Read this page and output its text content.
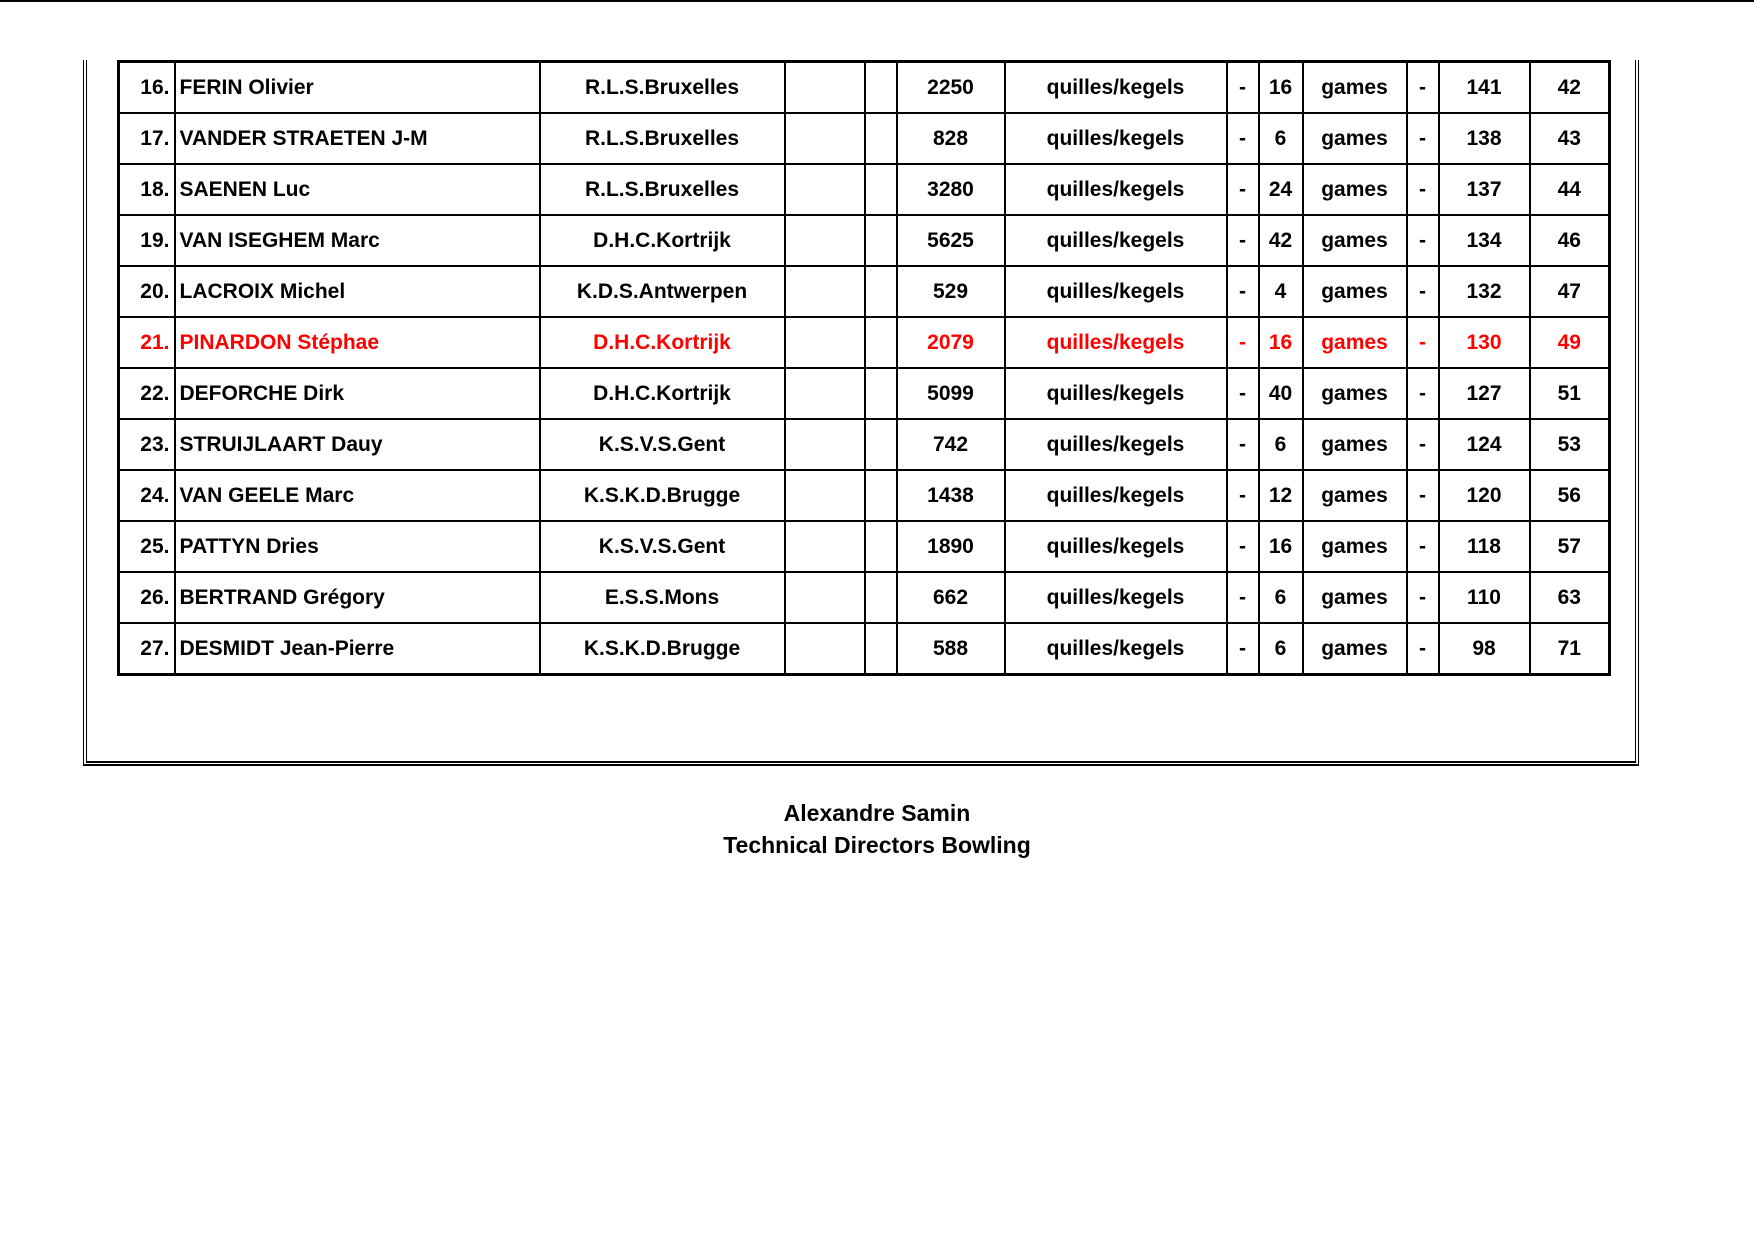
16.	FERIN Olivier	R.L.S.Bruxelles			2250	quilles/kegels	-	16	games	-	141	42
17.	VANDER STRAETEN J-M	R.L.S.Bruxelles			828	quilles/kegels	-	6	games	-	138	43
18.	SAENEN Luc	R.L.S.Bruxelles			3280	quilles/kegels	-	24	games	-	137	44
19.	VAN ISEGHEM Marc	D.H.C.Kortrijk			5625	quilles/kegels	-	42	games	-	134	46
20.	LACROIX Michel	K.D.S.Antwerpen			529	quilles/kegels	-	4	games	-	132	47
21.	PINARDON Stéphae	D.H.C.Kortrijk			2079	quilles/kegels	-	16	games	-	130	49
22.	DEFORCHE Dirk	D.H.C.Kortrijk			5099	quilles/kegels	-	40	games	-	127	51
23.	STRUIJLAART Dauy	K.S.V.S.Gent			742	quilles/kegels	-	6	games	-	124	53
24.	VAN GEELE Marc	K.S.K.D.Brugge			1438	quilles/kegels	-	12	games	-	120	56
25.	PATTYN Dries	K.S.V.S.Gent			1890	quilles/kegels	-	16	games	-	118	57
26.	BERTRAND Grégory	E.S.S.Mons			662	quilles/kegels	-	6	games	-	110	63
27.	DESMIDT Jean-Pierre	K.S.K.D.Brugge			588	quilles/kegels	-	6	games	-	98	71
Alexandre Samin
Technical Directors Bowling
